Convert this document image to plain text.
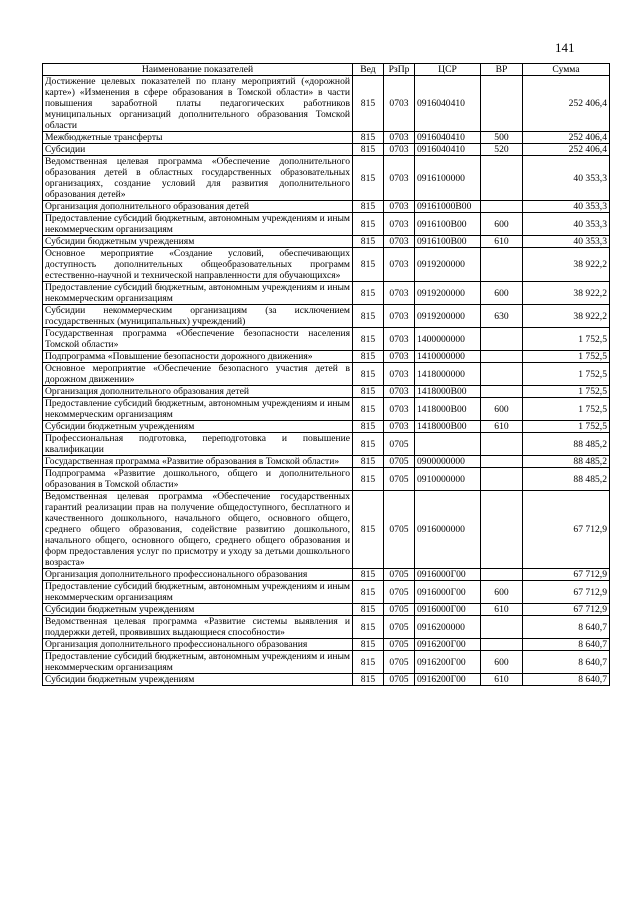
141
Наименование показателей	Вед	РзПр	ЦСР	ВР	Сумма
Достижение целевых показателей по плану мероприятий («дорожной карте») «Изменения в сфере образования в Томской области» в части повышения заработной платы педагогических работников муниципальных организаций дополнительного образования Томской области	815	0703	0916040410		252 406,4
Межбюджетные трансферты	815	0703	0916040410	500	252 406,4
Субсидии	815	0703	0916040410	520	252 406,4
Ведомственная целевая программа «Обеспечение дополнительного образования детей в областных государственных образовательных организациях, создание условий для развития дополнительного образования детей»	815	0703	0916100000		40 353,3
Организация дополнительного образования детей	815	0703	09161000В00		40 353,3
Предоставление субсидий бюджетным, автономным учреждениям и иным некоммерческим организациям	815	0703	0916100В00	600	40 353,3
Субсидии бюджетным учреждениям	815	0703	0916100В00	610	40 353,3
Основное мероприятие «Создание условий, обеспечивающих доступность дополнительных общеобразовательных программ естественно-научной и технической направленности для обучающихся»	815	0703	0919200000		38 922,2
Предоставление субсидий бюджетным, автономным учреждениям и иным некоммерческим организациям	815	0703	0919200000	600	38 922,2
Субсидии некоммерческим организациям (за исключением государственных (муниципальных) учреждений)	815	0703	0919200000	630	38 922,2
Государственная программа «Обеспечение безопасности населения Томской области»	815	0703	1400000000		1 752,5
Подпрограмма «Повышение безопасности дорожного движения»	815	0703	1410000000		1 752,5
Основное мероприятие «Обеспечение безопасного участия детей в дорожном движении»	815	0703	1418000000		1 752,5
Организация дополнительного образования детей	815	0703	1418000В00		1 752,5
Предоставление субсидий бюджетным, автономным учреждениям и иным некоммерческим организациям	815	0703	1418000В00	600	1 752,5
Субсидии бюджетным учреждениям	815	0703	1418000В00	610	1 752,5
Профессиональная подготовка, переподготовка и повышение квалификации	815	0705			88 485,2
Государственная программа «Развитие образования в Томской области»	815	0705	0900000000		88 485,2
Подпрограмма «Развитие дошкольного, общего и дополнительного образования в Томской области»	815	0705	0910000000		88 485,2
Ведомственная целевая программа «Обеспечение государственных гарантий реализации прав на получение общедоступного, бесплатного и качественного дошкольного, начального общего, основного общего, среднего общего образования, содействие развитию дошкольного, начального общего, основного общего, среднего общего образования и форм предоставления услуг по присмотру и уходу за детьми дошкольного возраста»	815	0705	0916000000		67 712,9
Организация дополнительного профессионального образования	815	0705	0916000Г00		67 712,9
Предоставление субсидий бюджетным, автономным учреждениям и иным некоммерческим организациям	815	0705	0916000Г00	600	67 712,9
Субсидии бюджетным учреждениям	815	0705	0916000Г00	610	67 712,9
Ведомственная целевая программа «Развитие системы выявления и поддержки детей, проявивших выдающиеся способности»	815	0705	0916200000		8 640,7
Организация дополнительного профессионального образования	815	0705	0916200Г00		8 640,7
Предоставление субсидий бюджетным, автономным учреждениям и иным некоммерческим организациям	815	0705	0916200Г00	600	8 640,7
Субсидии бюджетным учреждениям	815	0705	0916200Г00	610	8 640,7
